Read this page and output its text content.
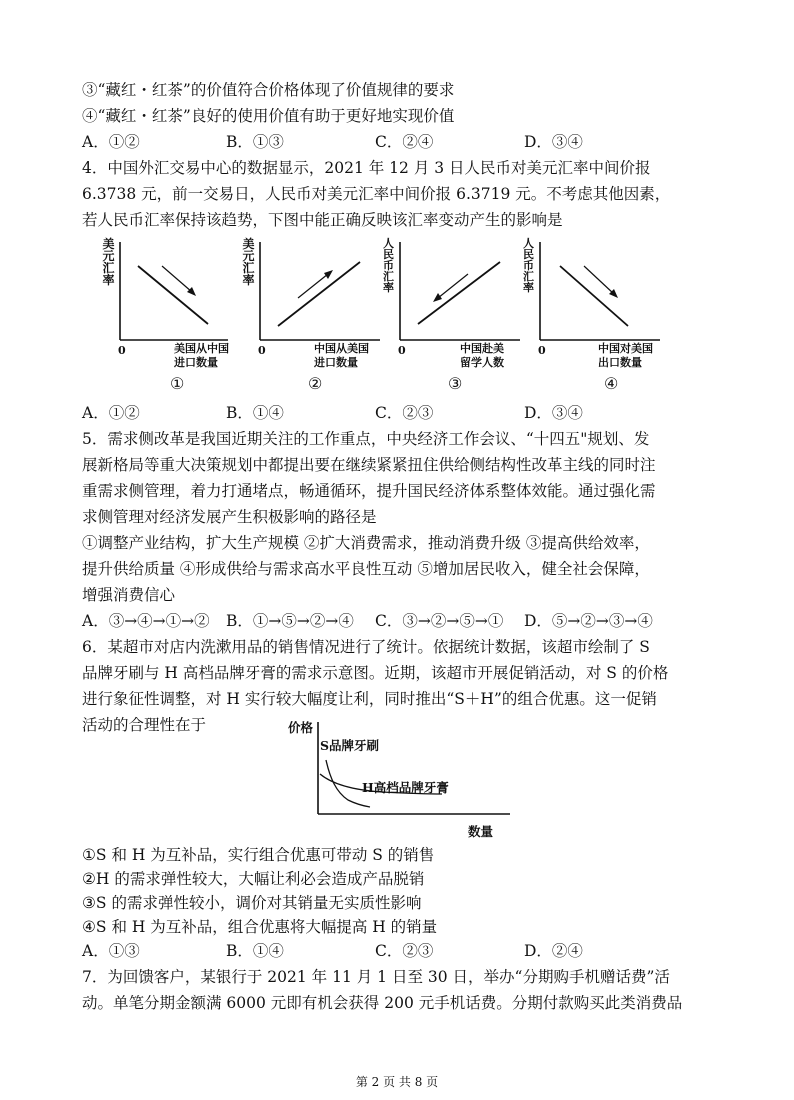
③“藏红・红茶”的价值符合价格体现了价值规律的要求
④“藏红・红茶”良好的使用价值有助于更好地实现价值
A．①②	B．①③	C．②④	D．③④
4．中国外汇交易中心的数据显示，2021 年 12 月 3 日人民币对美元汇率中间价报
6.3738 元，前一交易日，人民币对美元汇率中间价报 6.3719 元。不考虑其他因素，
若人民币汇率保持该趋势，下图中能正确反映该汇率变动产生的影响是
美元汇率
0	美国从中国
进口数量
①
美元汇率
0	中国从美国
进口数量
②
人民币汇率
0	中国赴美
留学人数
③
人民币汇率
0	中国对美国
出口数量
④
A．①②	B．①④	C．②③	D．③④
5．需求侧改革是我国近期关注的工作重点，中央经济工作会议、“十四五"规划、发
展新格局等重大决策规划中都提出要在继续紧紧扭住供给侧结构性改革主线的同时注
重需求侧管理，着力打通堵点，畅通循环，提升国民经济体系整体效能。通过强化需
求侧管理对经济发展产生积极影响的路径是
①调整产业结构，扩大生产规模 ②扩大消费需求，推动消费升级 ③提高供给效率，
提升供给质量 ④形成供给与需求高水平良性互动 ⑤增加居民收入，健全社会保障，
增强消费信心
A．③→④→①→② B．①→⑤→②→④ C．③→②→⑤→① D．⑤→②→③→④
6．某超市对店内洗漱用品的销售情况进行了统计。依据统计数据，该超市绘制了 S
品牌牙刷与 H 高档品牌牙膏的需求示意图。近期，该超市开展促销活动，对 S 的价格
进行象征性调整，对 H 实行较大幅度让利，同时推出“S＋H”的组合优惠。这一促销
活动的合理性在于	价格
S品牌牙刷
H高档品牌牙膏
数量
①S 和 H 为互补品，实行组合优惠可带动 S 的销售
②H 的需求弹性较大，大幅让利必会造成产品脱销
③S 的需求弹性较小，调价对其销量无实质性影响
④S 和 H 为互补品，组合优惠将大幅提高 H 的销量
A．①③	B．①④	C．②③	D．②④
7．为回馈客户，某银行于 2021 年 11 月 1 日至 30 日，举办“分期购手机赠话费”活
动。单笔分期金额满 6000 元即有机会获得 200 元手机话费。分期付款购买此类消费品
第 2 页 共 8 页
